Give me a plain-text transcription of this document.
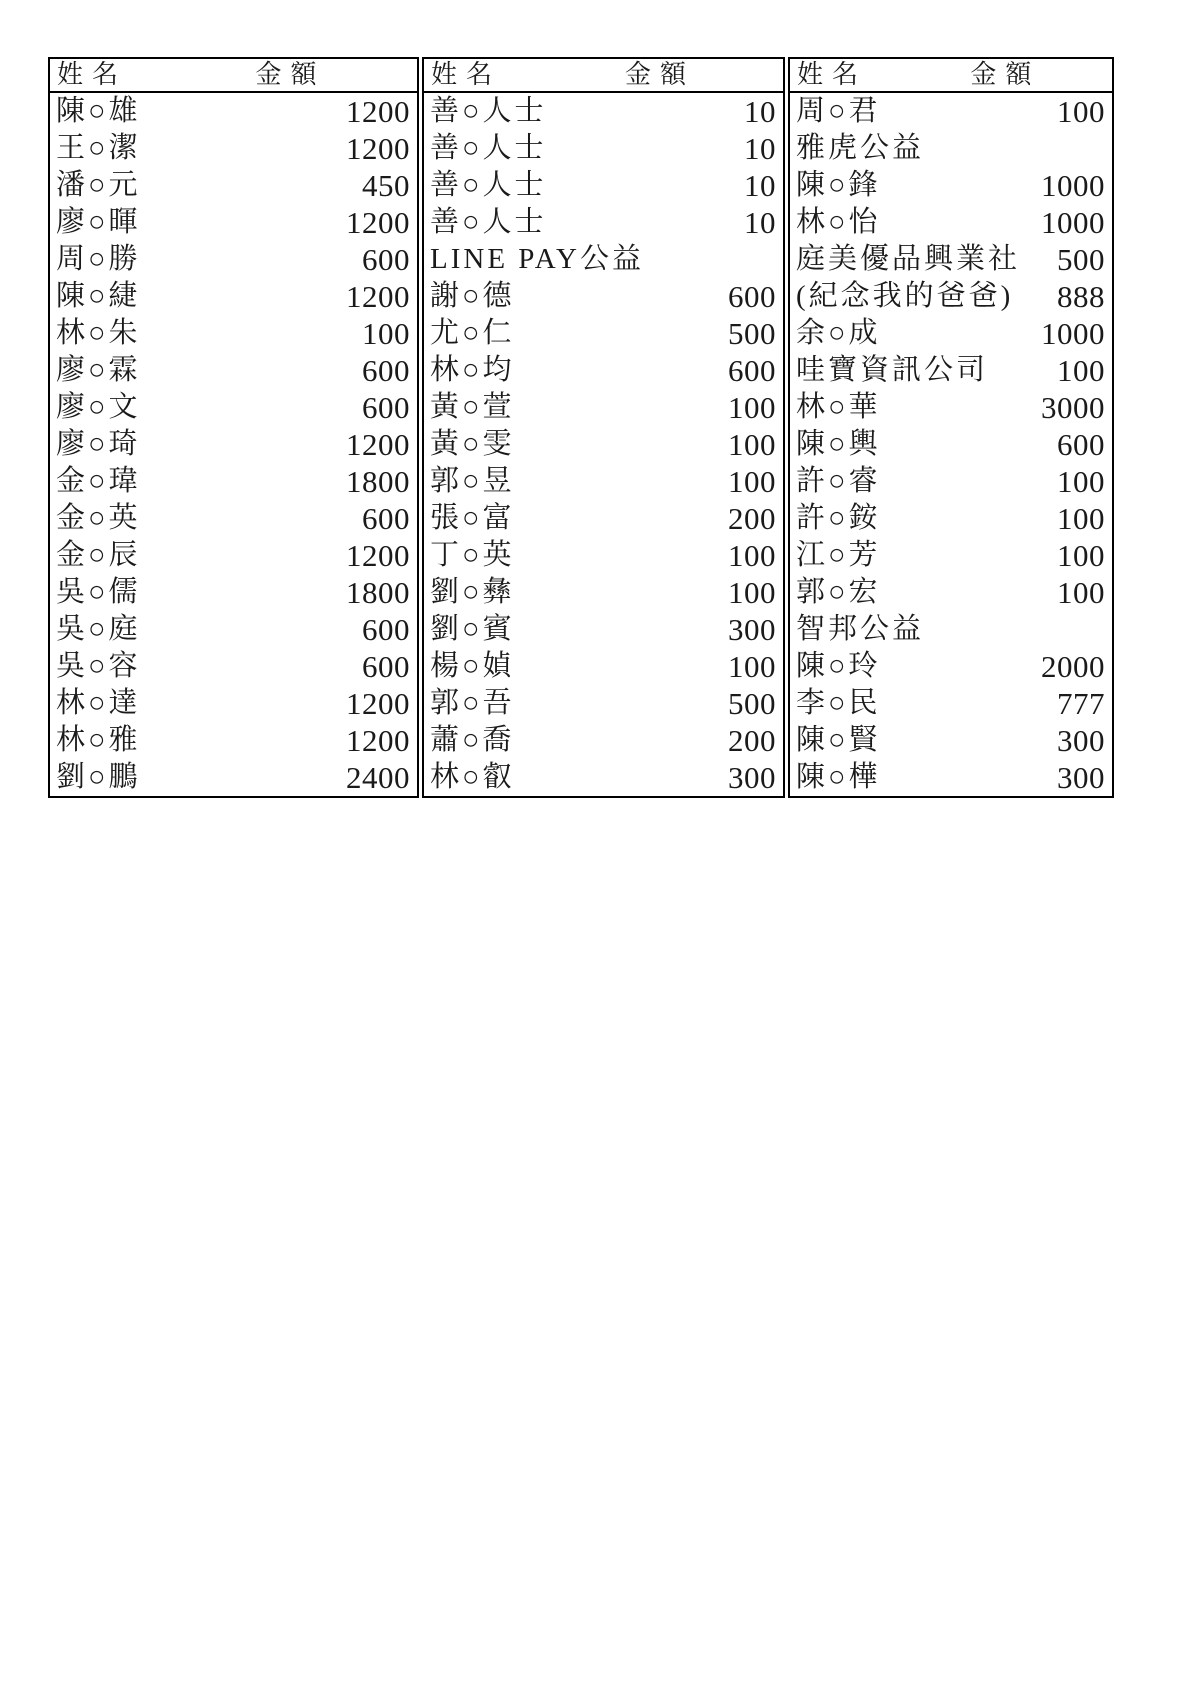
姓名	金額
陳○雄	1200
王○潔	1200
潘○元	450
廖○暉	1200
周○勝	600
陳○緁	1200
林○朱	100
廖○霖	600
廖○文	600
廖○琦	1200
金○瑋	1800
金○英	600
金○辰	1200
吳○儒	1800
吳○庭	600
吳○容	600
林○達	1200
林○雅	1200
劉○鵬	2400
姓名	金額
善○人士	10
善○人士	10
善○人士	10
善○人士	10
LINE PAY公益
謝○德	600
尤○仁	500
林○均	600
黃○萱	100
黃○雯	100
郭○昱	100
張○富	200
丁○英	100
劉○彝	100
劉○賓	300
楊○媜	100
郭○吾	500
蕭○喬	200
林○叡	300
姓名	金額
周○君	100
雅虎公益
陳○鋒	1000
林○怡	1000
庭美優品興業社 500
(紀念我的爸爸) 888
余○成	1000
哇寶資訊公司 100
林○華	3000
陳○輿	600
許○睿	100
許○銨	100
江○芳	100
郭○宏	100
智邦公益
陳○玲	2000
李○民	777
陳○賢	300
陳○樺	300
